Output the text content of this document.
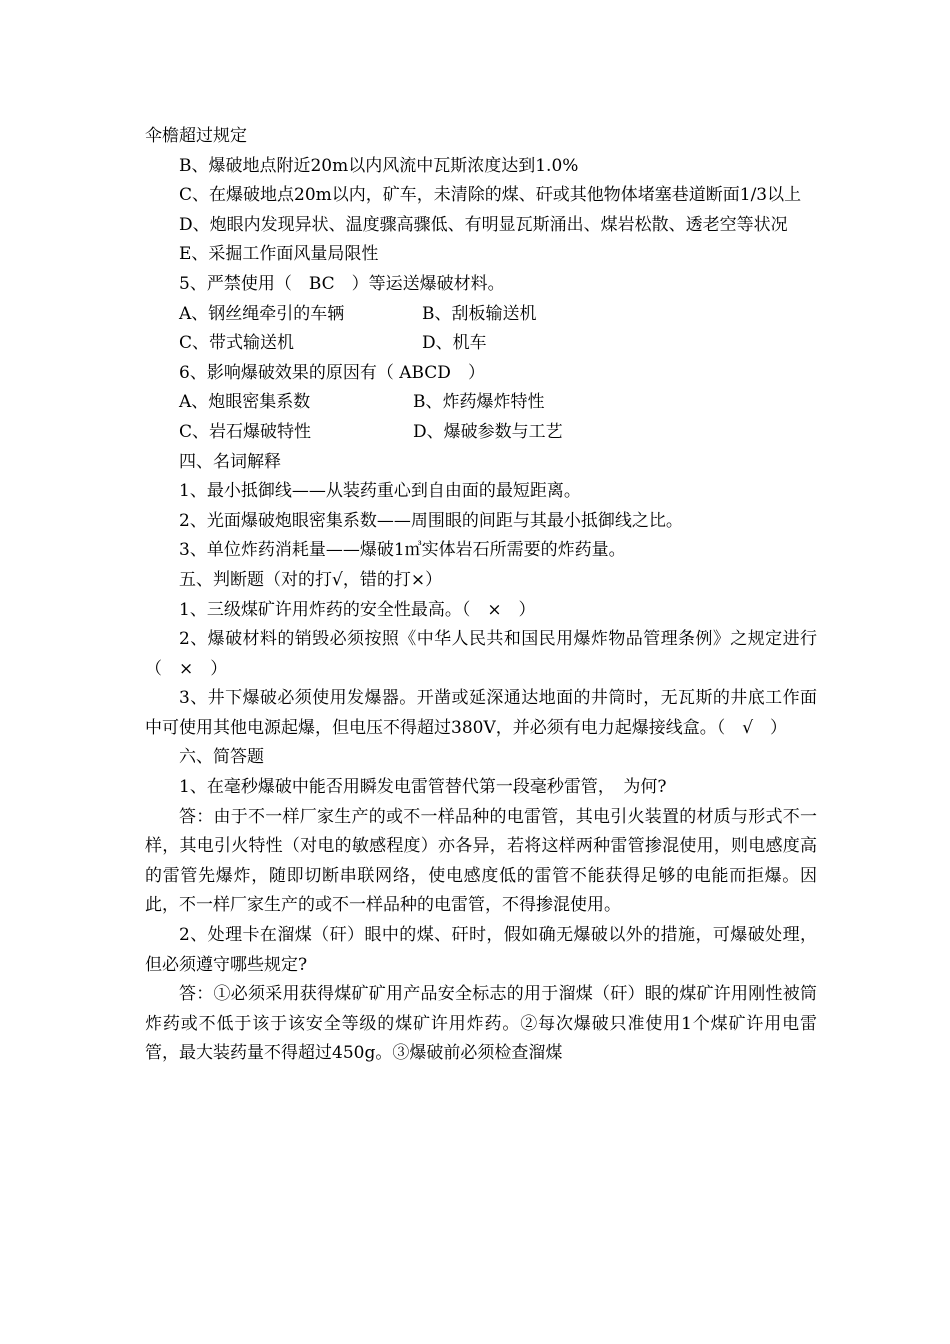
伞檐超过规定

B、爆破地点附近20m以内风流中瓦斯浓度达到1.0%

C、在爆破地点20m以内，矿车，未清除的煤、矸或其他物体堵塞巷道断面1/3以上

D、炮眼内发现异状、温度骤高骤低、有明显瓦斯涌出、煤岩松散、透老空等状况

E、采掘工作面风量局限性

5、严禁使用（　BC　）等运送爆破材料。

A、钢丝绳牵引的车辆	B、刮板输送机
C、带式输送机	D、机车

6、影响爆破效果的原因有（ ABCD　）

A、炮眼密集系数	B、炸药爆炸特性
C、岩石爆破特性	D、爆破参数与工艺

四、名词解释

1、最小抵御线——从装药重心到自由面的最短距离。

2、光面爆破炮眼密集系数——周围眼的间距与其最小抵御线之比。

3、单位炸药消耗量——爆破1㎥实体岩石所需要的炸药量。

五、判断题（对的打√，错的打×）

1、三级煤矿许用炸药的安全性最高。（　×　）

2、爆破材料的销毁必须按照《中华人民共和国民用爆炸物品管理条例》之规定进行（　×　）

3、井下爆破必须使用发爆器。开凿或延深通达地面的井筒时，无瓦斯的井底工作面中可使用其他电源起爆，但电压不得超过380V，并必须有电力起爆接线盒。（　√　）

六、简答题

1、在毫秒爆破中能否用瞬发电雷管替代第一段毫秒雷管，　为何?

答：由于不一样厂家生产的或不一样品种的电雷管，其电引火装置的材质与形式不一样，其电引火特性（对电的敏感程度）亦各异，若将这样两种雷管掺混使用，则电感度高的雷管先爆炸，随即切断串联网络，使电感度低的雷管不能获得足够的电能而拒爆。因此，不一样厂家生产的或不一样品种的电雷管，不得掺混使用。

2、处理卡在溜煤（矸）眼中的煤、矸时，假如确无爆破以外的措施，可爆破处理，但必须遵守哪些规定?

答：①必须采用获得煤矿矿用产品安全标志的用于溜煤（矸）眼的煤矿许用刚性被筒炸药或不低于该于该安全等级的煤矿许用炸药。②每次爆破只准使用1个煤矿许用电雷管，最大装药量不得超过450g。③爆破前必须检查溜煤
